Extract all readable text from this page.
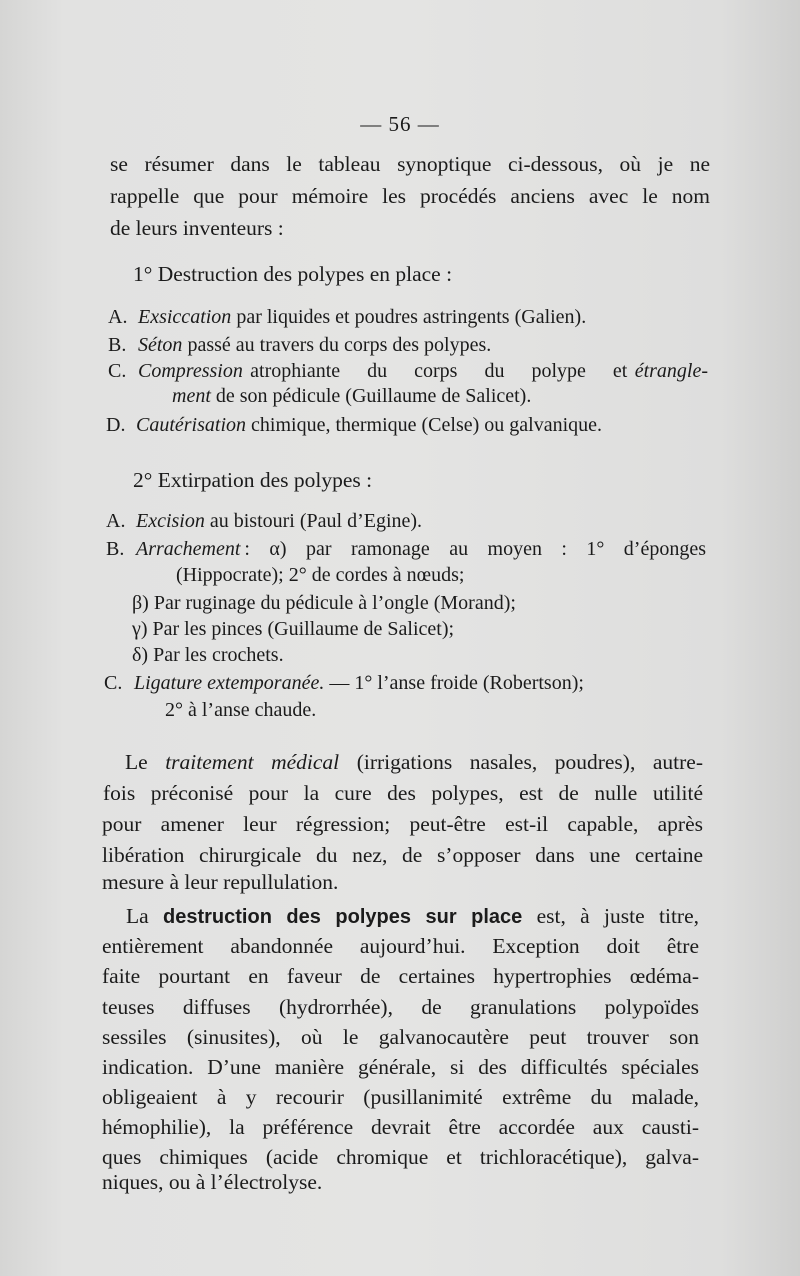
— 56 —
se résumer dans le tableau synoptique ci-dessous, où je ne
rappelle que pour mémoire les procédés anciens avec le nom
de leurs inventeurs :
1° Destruction des polypes en place :
A. Exsiccation par liquides et poudres astringents (Galien).
B. Séton passé au travers du corps des polypes.
C. Compression atrophiante du corps du polype et étrangle-
ment de son pédicule (Guillaume de Salicet).
D. Cautérisation chimique, thermique (Celse) ou galvanique.
2° Extirpation des polypes :
A. Excision au bistouri (Paul d’Egine).
B. Arrachement : α) par ramonage au moyen : 1° d’éponges
(Hippocrate); 2° de cordes à nœuds;
β) Par ruginage du pédicule à l’ongle (Morand);
γ) Par les pinces (Guillaume de Salicet);
δ) Par les crochets.
C. Ligature extemporanée. — 1° l’anse froide (Robertson);
2° à l’anse chaude.
Le traitement médical (irrigations nasales, poudres), autre-
fois préconisé pour la cure des polypes, est de nulle utilité
pour amener leur régression; peut-être est-il capable, après
libération chirurgicale du nez, de s’opposer dans une certaine
mesure à leur repullulation.
La destruction des polypes sur place est, à juste titre,
entièrement abandonnée aujourd’hui. Exception doit être
faite pourtant en faveur de certaines hypertrophies œdéma-
teuses diffuses (hydrorrhée), de granulations polypoïdes
sessiles (sinusites), où le galvanocautère peut trouver son
indication. D’une manière générale, si des difficultés spéciales
obligeaient à y recourir (pusillanimité extrême du malade,
hémophilie), la préférence devrait être accordée aux causti-
ques chimiques (acide chromique et trichloracétique), galva-
niques, ou à l’électrolyse.
